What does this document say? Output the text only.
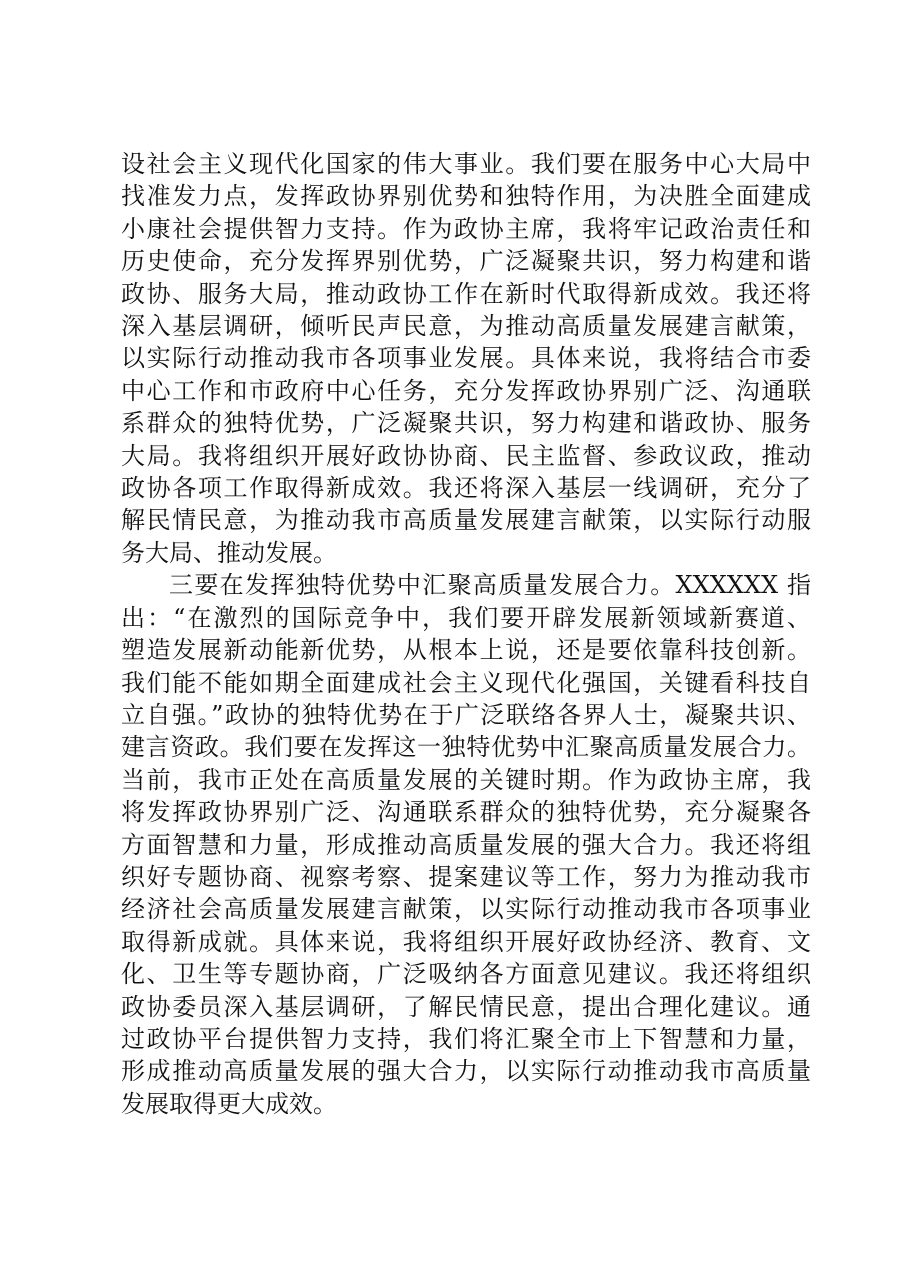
设社会主义现代化国家的伟大事业。我们要在服务中心大局中
找准发力点，发挥政协界别优势和独特作用，为决胜全面建成
小康社会提供智力支持。作为政协主席，我将牢记政治责任和
历史使命，充分发挥界别优势，广泛凝聚共识，努力构建和谐
政协、服务大局，推动政协工作在新时代取得新成效。我还将
深入基层调研，倾听民声民意，为推动高质量发展建言献策，
以实际行动推动我市各项事业发展。具体来说，我将结合市委
中心工作和市政府中心任务，充分发挥政协界别广泛、沟通联
系群众的独特优势，广泛凝聚共识，努力构建和谐政协、服务
大局。我将组织开展好政协协商、民主监督、参政议政，推动
政协各项工作取得新成效。我还将深入基层一线调研，充分了
解民情民意，为推动我市高质量发展建言献策，以实际行动服
务大局、推动发展。
三要在发挥独特优势中汇聚高质量发展合力。XXXXXX 指
出：“在激烈的国际竞争中，我们要开辟发展新领域新赛道、
塑造发展新动能新优势，从根本上说，还是要依靠科技创新。
我们能不能如期全面建成社会主义现代化强国，关键看科技自
立自强。”政协的独特优势在于广泛联络各界人士，凝聚共识、
建言资政。我们要在发挥这一独特优势中汇聚高质量发展合力。
当前，我市正处在高质量发展的关键时期。作为政协主席，我
将发挥政协界别广泛、沟通联系群众的独特优势，充分凝聚各
方面智慧和力量，形成推动高质量发展的强大合力。我还将组
织好专题协商、视察考察、提案建议等工作，努力为推动我市
经济社会高质量发展建言献策，以实际行动推动我市各项事业
取得新成就。具体来说，我将组织开展好政协经济、教育、文
化、卫生等专题协商，广泛吸纳各方面意见建议。我还将组织
政协委员深入基层调研，了解民情民意，提出合理化建议。通
过政协平台提供智力支持，我们将汇聚全市上下智慧和力量，
形成推动高质量发展的强大合力，以实际行动推动我市高质量
发展取得更大成效。
